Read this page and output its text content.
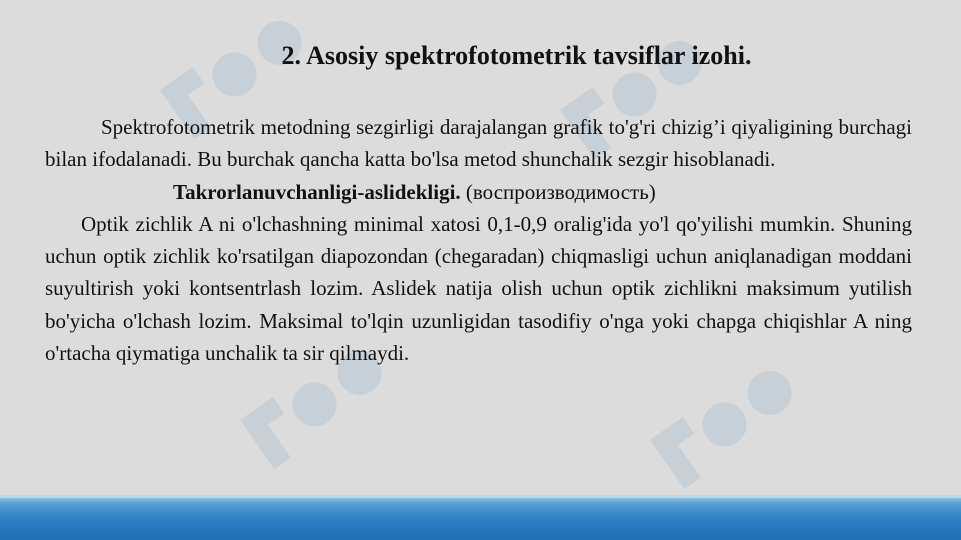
2. Asosiy spektrofotometrik tavsiflar izohi.

Spektrofotometrik metodning sezgirligi darajalangan grafik to'g'ri chizig’i qiyaligining burchagi bilan ifodalanadi. Bu burchak qancha katta bo'lsa metod shunchalik sezgir hisoblanadi.

Takrorlanuvchanligi-aslidekligi. (воспроизводимость)

Optik zichlik A ni o'lchashning minimal xatosi 0,1-0,9 oralig'ida yo'l qo'yilishi mumkin. Shuning uchun optik zichlik ko'rsatilgan diapozondan (chegaradan) chiqmasligi uchun aniqlanadigan moddani suyultirish yoki kontsentrlash lozim. Aslidek natija olish uchun optik zichlikni maksimum yutilish bo'yicha o'lchash lozim. Maksimal to'lqin uzunligidan tasodifiy o'nga yoki chapga chiqishlar A ning o'rtacha qiymatiga unchalik ta sir qilmaydi.
